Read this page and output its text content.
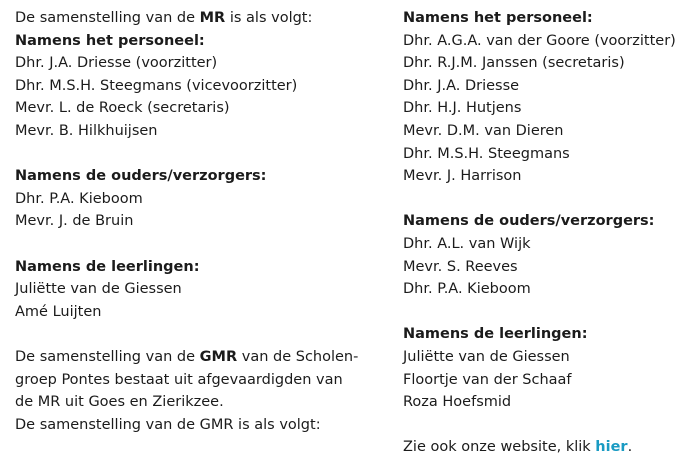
De samenstelling van de MR is als volgt:
Namens het personeel:
Dhr. J.A. Driesse (voorzitter)
Dhr. M.S.H. Steegmans (vicevoorzitter)
Mevr. L. de Roeck (secretaris)
Mevr. B. Hilkhuijsen
Namens de ouders/verzorgers:
Dhr. P.A. Kieboom
Mevr. J. de Bruin
Namens de leerlingen:
Juliëtte van de Giessen
Amé Luijten
De samenstelling van de GMR van de Scholen-
groep Pontes bestaat uit afgevaardigden van
de MR uit Goes en Zierikzee.
De samenstelling van de GMR is als volgt:
Namens het personeel:
Dhr. A.G.A. van der Goore (voorzitter)
Dhr. R.J.M. Janssen (secretaris)
Dhr. J.A. Driesse
Dhr. H.J. Hutjens
Mevr. D.M. van Dieren
Dhr. M.S.H. Steegmans
Mevr. J. Harrison
Namens de ouders/verzorgers:
Dhr. A.L. van Wijk
Mevr. S. Reeves
Dhr. P.A. Kieboom
Namens de leerlingen:
Juliëtte van de Giessen
Floortje van der Schaaf
Roza Hoefsmid
Zie ook onze website, klik hier.
